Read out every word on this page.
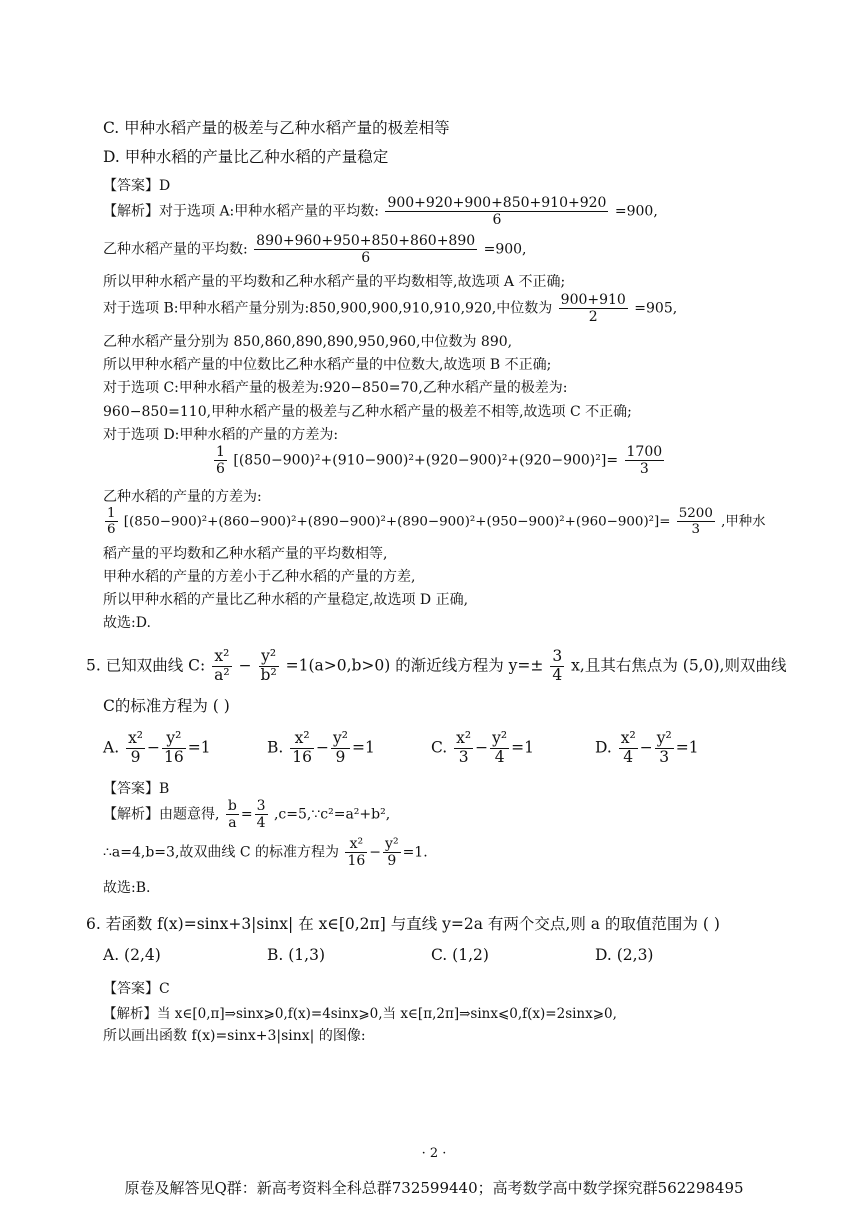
C. 甲种水稻产量的极差与乙种水稻产量的极差相等
D. 甲种水稻的产量比乙种水稻的产量稳定
【答案】D
【解析】对于选项 A:甲种水稻产量的平均数: $\frac{900+920+900+850+910+920}{6} =900$,
乙种水稻产量的平均数: $\frac{890+960+950+850+860+890}{6} =900$,
所以甲种水稻产量的平均数和乙种水稻产量的平均数相等,故选项 A 不正确;
对于选项 B:甲种水稻产量分别为:850,900,900,910,910,920,中位数为 $\frac{900+910}{2} =905$,
乙种水稻产量分别为 850,860,890,890,950,960,中位数为 890,
所以甲种水稻产量的中位数比乙种水稻产量的中位数大,故选项 B 不正确;
对于选项 C:甲种水稻产量的极差为:920−850=70,乙种水稻产量的极差为:
960−850=110,甲种水稻产量的极差与乙种水稻产量的极差不相等,故选项 C 不正确;
对于选项 D:甲种水稻的产量的方差为:
$\frac{1}{6} [(850-900)^2+(910-900)^2+(920-900)^2+(920-900)^2]= \frac{1700}{3}$
乙种水稻的产量的方差为:
$\frac{1}{6} [(850-900)^2+(860-900)^2+(890-900)^2+(890-900)^2+(950-900)^2+(960-900)^2]= \frac{5200}{3}$ ,甲种水
稻产量的平均数和乙种水稻产量的平均数相等,
甲种水稻的产量的方差小于乙种水稻的产量的方差,
所以甲种水稻的产量比乙种水稻的产量稳定,故选项 D 正确,
故选:D.
5. 已知双曲线 C: $\frac{\text{x²}}{\text{a²}} - \frac{\text{y²}}{\text{b²}} =1(a>0,b>0)$ 的渐近线方程为 $y=\pm \frac{3}{4} x$,且其右焦点为 (5,0),则双曲线
C的标准方程为 ( )
A. $\frac{\text{x²}}{9} - \frac{\text{y²}}{16} =1$	B. $\frac{\text{x²}}{16} - \frac{\text{y²}}{9} =1$	C. $\frac{\text{x²}}{3} - \frac{\text{y²}}{4} =1$	D. $\frac{\text{x²}}{4} - \frac{\text{y²}}{3} =1$
【答案】B
【解析】由题意得, $\frac{b}{a} = \frac{3}{4}$ ,c=5,∵c²=a²+b²,
∴a=4,b=3,故双曲线 C 的标准方程为 $\frac{\text{x²}}{16} - \frac{\text{y²}}{9} =1$.
故选:B.
6. 若函数 f(x)=sinx+3|sinx| 在 x∈[0,2π] 与直线 y=2a 有两个交点,则 a 的取值范围为 ( )
A. (2,4)	B. (1,3)	C. (1,2)	D. (2,3)
【答案】C
【解析】当 x∈[0,π]⇒sinx⩾0,f(x)=4sinx⩾0,当 x∈[π,2π]⇒sinx⩽0,f(x)=2sinx⩾0,
所以画出函数 f(x)=sinx+3|sinx| 的图像:
· 2 ·
原卷及解答见Q群：新高考资料全科总群732599440；高考数学高中数学探究群562298495
